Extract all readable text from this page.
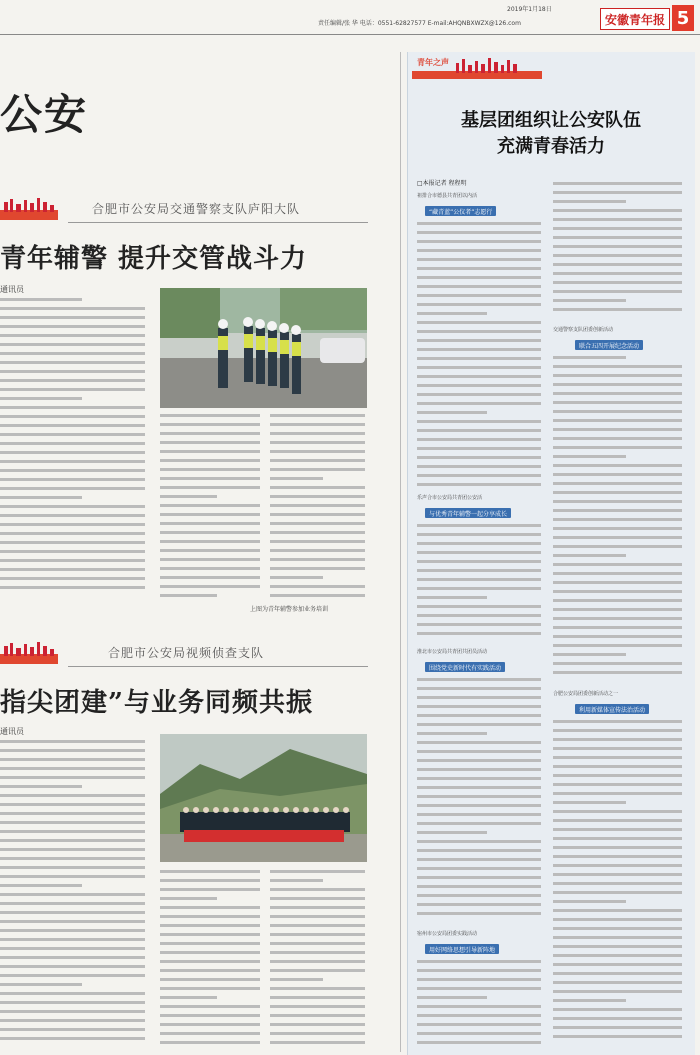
2019年1月18日
责任编辑/张 华 电话：0551-62827577 E-mail:AHQNBXWZX@126.com	安徽青年报 5
公安
合肥市公安局交通警察支队庐阳大队
青年辅警 提升交管战斗力
通讯员
上图为青年辅警参加业务培训
合肥市公安局视频侦查支队
指尖团建”与业务同频共振
通讯员
青年之声
基层团组织让公安队伍
充满青春活力
□本报记者 程程明
祖排合市德县共青团以内活
“藏青蓝”公仪者”志愿行
乐声合市公安局共青团公安活
与优秀青年辅警一起分享成长
淮北市公安局共青团共团员活动
围绕党史新时代有实践活动
宿州市公安局团委实践活动
用好网络思想引导新阵地
交通警察支队团委创新活动
联合五四开展纪念活动
合肥公安局团委创新活动之一
利用新媒体宣传法治活动
